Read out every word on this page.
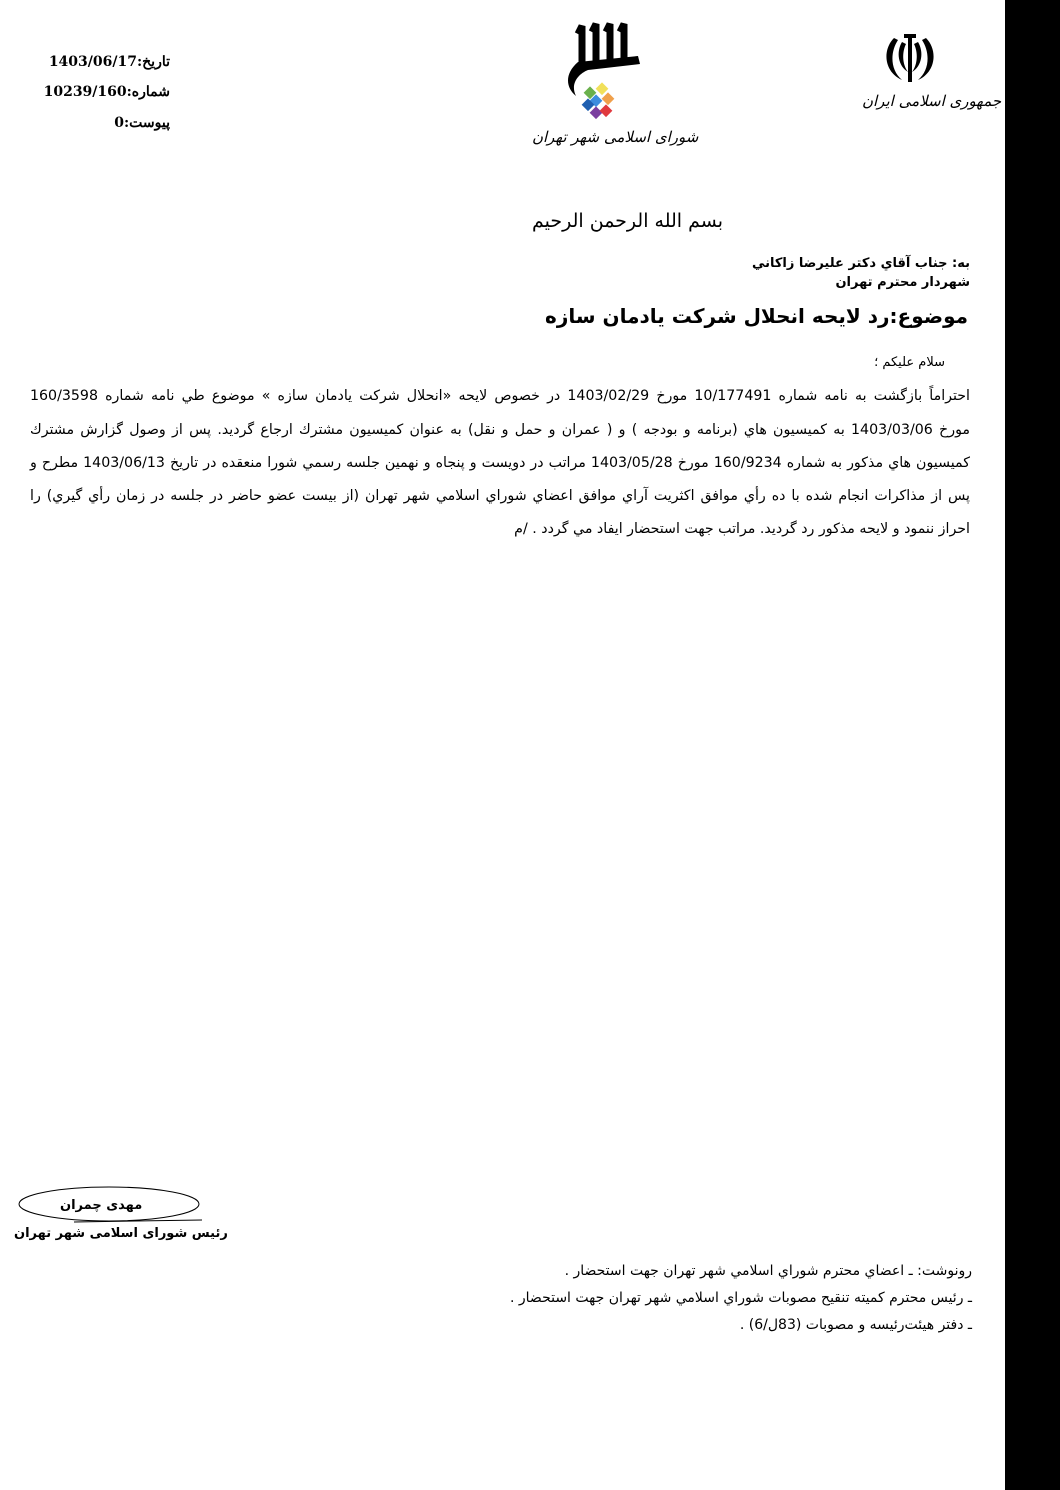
تاریخ:1403/06/17
شماره:10239/160
پیوست:0
شورای اسلامی شهر تهران
جمهوری اسلامی ایران
بسم الله الرحمن الرحيم
به: جناب آقاي دكتر عليرضا زاكاني
شهردار محترم تهران
موضوع:رد لايحه انحلال شركت يادمان سازه
سلام عليكم ؛
احتراماً بازگشت به نامه شماره 10/177491 مورخ 1403/02/29 در خصوص لايحه «انحلال شركت يادمان سازه » موضوع طي نامه شماره 160/3598
مورخ 1403/03/06 به كميسيون هاي (برنامه و بودجه ) و ( عمران و حمل و نقل) به عنوان كميسيون مشترك ارجاع گرديد. پس از وصول گزارش مشترك
كميسيون هاي مذكور به شماره 160/9234 مورخ 1403/05/28 مراتب در دويست و پنجاه و نهمين جلسه رسمي شورا منعقده در تاريخ 1403/06/13 مطرح و
پس از مذاكرات انجام شده با ده رأي موافق اكثريت آراي موافق اعضاي شوراي اسلامي شهر تهران (از بيست عضو حاضر در جلسه در زمان رأي گيري) را
احراز ننمود و لايحه مذكور رد گرديد. مراتب جهت استحضار ايفاد مي گردد . /م
مهدی چمران
رئیس شورای اسلامی شهر تهران
رونوشت: ـ اعضاي محترم شوراي اسلامي شهر تهران جهت استحضار .
ـ رئيس محترم كميته تنقيح مصوبات شوراي اسلامي شهر تهران جهت استحضار .
ـ دفتر هيئت‌رئيسه و مصوبات (83ل/6) .
